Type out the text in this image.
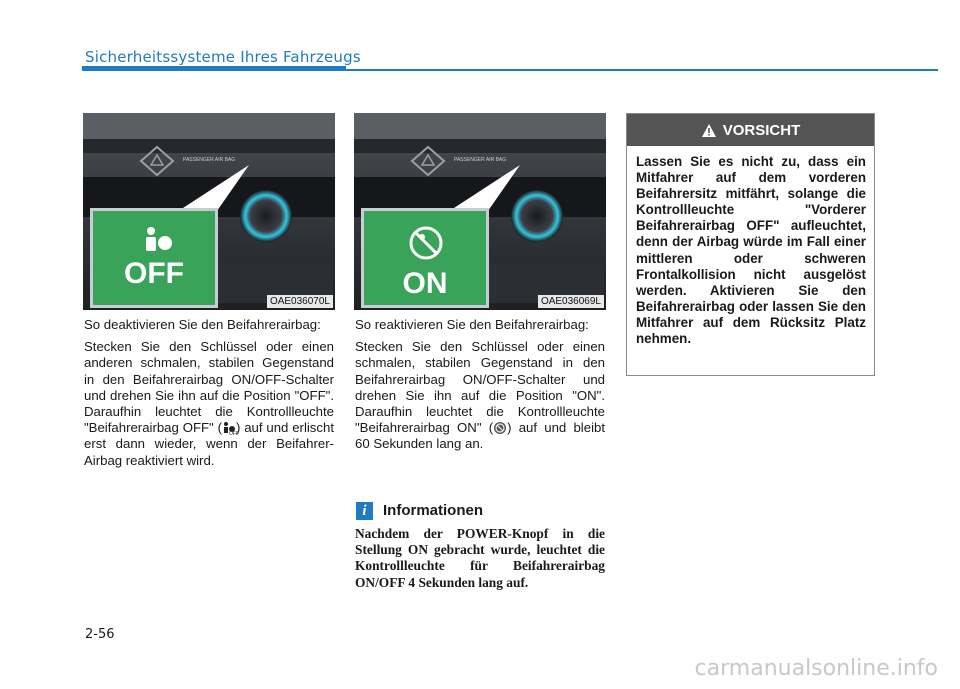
Sicherheitssysteme Ihres Fahrzeugs
PASSENGER AIR BAG
OFF
OAE036070L
PASSENGER AIR BAG
ON
OAE036069L

So deaktivieren Sie den Beifahrerairbag:

Stecken Sie den Schlüssel oder einen anderen schmalen, stabilen Gegenstand in den Beifahrerairbag ON/OFF-Schalter und drehen Sie ihn auf die Position "OFF". Daraufhin leuchtet die Kontrollleuchte "Beifahrerairbag OFF" ( OFF
) auf und erlischt erst dann wieder, wenn der Beifahrer-Airbag reaktiviert wird.

So reaktivieren Sie den Beifahrerairbag:

Stecken Sie den Schlüssel oder einen schmalen, stabilen Gegenstand in den Beifahrerairbag ON/OFF-Schalter und drehen Sie ihn auf die Position "ON". Daraufhin leuchtet die Kontrollleuchte "Beifahrerairbag ON" ( ) auf und bleibt 60 Sekunden lang an.

i	Informationen
Nachdem der POWER-Knopf in die Stellung ON gebracht wurde, leuchtet die Kontrollleuchte für Beifahrerairbag ON/OFF 4 Sekunden lang auf.
VORSICHT
Lassen Sie es nicht zu, dass ein Mitfahrer auf dem vorderen Beifahrersitz mitfährt, solange die Kontrollleuchte "Vorderer Beifahrerairbag OFF" aufleuchtet, denn der Airbag würde im Fall einer mittleren oder schweren Frontalkollision nicht ausgelöst werden. Aktivieren Sie den Beifahrerairbag oder lassen Sie den Mitfahrer auf dem Rücksitz Platz nehmen.
2-56
carmanualsonline.info
